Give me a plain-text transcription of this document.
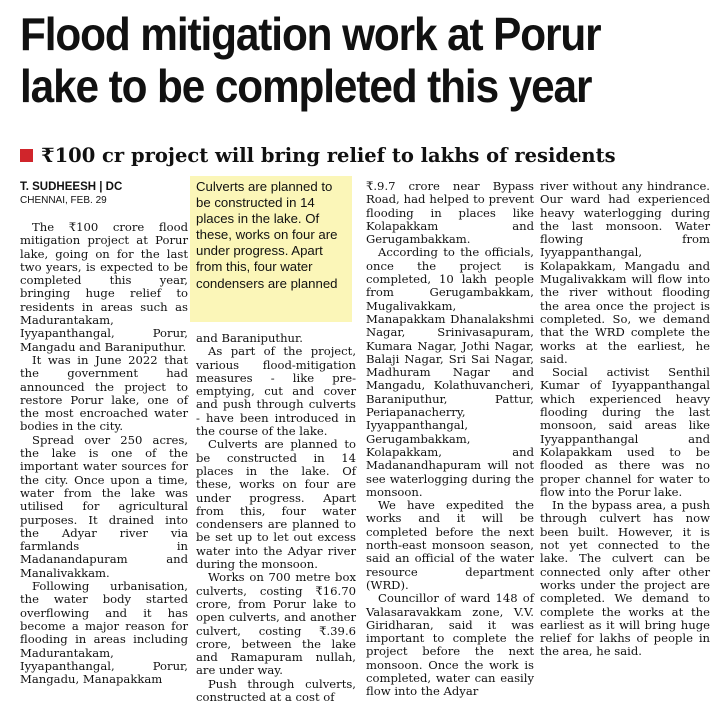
Flood mitigation work at Porur lake to be completed this year
₹100 cr project will bring relief to lakhs of residents
T. SUDHEESH | DC
CHENNAI, FEB. 29

The ₹100 crore flood mitigation project at Porur lake, going on for the last two years, is expected to be completed this year, bringing huge relief to residents in areas such as Madurantakam, Iyyapanthangal, Porur, Mangadu and Baraniputhur.

It was in June 2022 that the government had announced the project to restore Porur lake, one of the most encroached water bodies in the city.

Spread over 250 acres, the lake is one of the important water sources for the city. Once upon a time, water from the lake was utilised for agricultural purposes. It drained into the Adyar river via farmlands in Madanandapuram and Manalivakkam.

Following urbanisation, the water body started overflowing and it has become a major reason for flooding in areas including Madurantakam, Iyyapanthangal, Porur, Mangadu, Manapakkam

Culverts are planned to be constructed in 14 places in the lake. Of these, works on four are under progress. Apart from this, four water condensers are planned

and Baraniputhur.

As part of the project, various flood-mitigation measures - like pre-emptying, cut and cover and push through culverts - have been introduced in the course of the lake.

Culverts are planned to be constructed in 14 places in the lake. Of these, works on four are under progress. Apart from this, four water condensers are planned to be set up to let out excess water into the Adyar river during the monsoon.

Works on 700 metre box culverts, costing ₹16.70 crore, from Porur lake to open culverts, and another culvert, costing ₹.39.6 crore, between the lake and Ramapuram nullah, are under way.

Push through culverts, constructed at a cost of

₹.9.7 crore near Bypass Road, had helped to prevent flooding in places like Kolapakkam and Gerugambakkam.

According to the officials, once the project is completed, 10 lakh people from Gerugambakkam, Mugalivakkam, Manapakkam Dhanalakshmi Nagar, Srinivasapuram, Kumara Nagar, Jothi Nagar, Balaji Nagar, Sri Sai Nagar, Madhuram Nagar and Mangadu, Kolathuvancheri, Baraniputhur, Pattur, Periapanacherry, Iyyappanthangal, Gerugambakkam, Kolapakkam, and Madanandhapuram will not see waterlogging during the monsoon.

We have expedited the works and it will be completed before the next north-east monsoon season, said an official of the water resource department (WRD).

Councillor of ward 148 of Valasaravakkam zone, V.V. Giridharan, said it was important to complete the project before the next monsoon. Once the work is completed, water can easily flow into the Adyar

river without any hindrance. Our ward had experienced heavy waterlogging during the last monsoon. Water flowing from Iyyappanthangal, Kolapakkam, Mangadu and Mugalivakkam will flow into the river without flooding the area once the project is completed. So, we demand that the WRD complete the works at the earliest, he said.

Social activist Senthil Kumar of Iyyappanthangal which experienced heavy flooding during the last monsoon, said areas like Iyyappanthangal and Kolapakkam used to be flooded as there was no proper channel for water to flow into the Porur lake.

In the bypass area, a push through culvert has now been built. However, it is not yet connected to the lake. The culvert can be connected only after other works under the project are completed. We demand to complete the works at the earliest as it will bring huge relief for lakhs of people in the area, he said.
